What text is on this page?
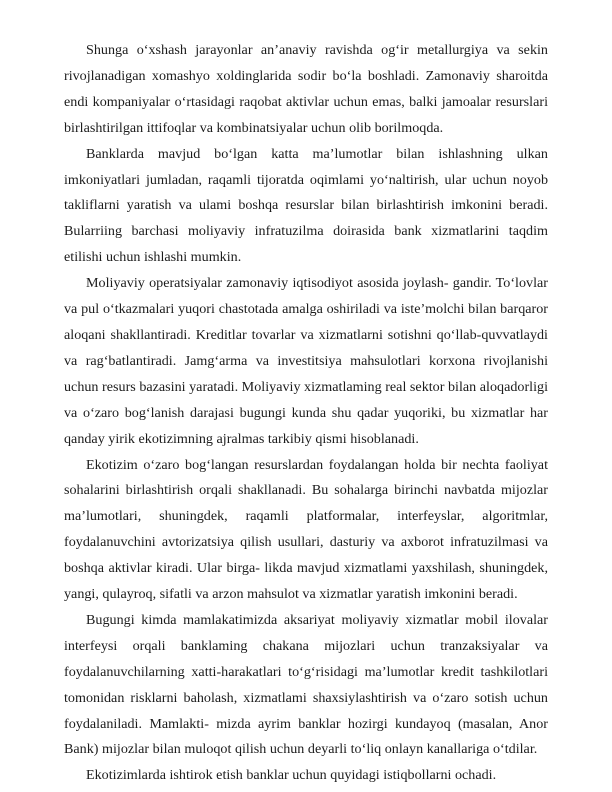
Shunga o‘xshash jarayonlar an’anaviy ravishda og‘ir metallurgiya va sekin rivojlanadigan xomashyo xoldinglarida sodir bo‘la boshladi. Zamonaviy sharoitda endi kompaniyalar o‘rtasidagi raqobat aktivlar uchun emas, balki jamoalar resurslari birlashtirilgan ittifoqlar va kombinatsiyalar uchun olib borilmoqda.

Banklarda mavjud bo‘lgan katta ma’lumotlar bilan ishlashning ulkan imkoniyatlari jumladan, raqamli tijoratda oqimlami yo‘naltirish, ular uchun noyob takliflarni yaratish va ulami boshqa resurslar bilan birlashtirish imkonini beradi. Bularriing barchasi moliyaviy infratuzilma doirasida bank xizmatlarini taqdim etilishi uchun ishlashi mumkin.

Moliyaviy operatsiyalar zamonaviy iqtisodiyot asosida joylash- gandir. To‘lovlar va pul o‘tkazmalari yuqori chastotada amalga oshiriladi va iste’molchi bilan barqaror aloqani shakllantiradi. Kreditlar tovarlar va xizmatlarni sotishni qo‘llab-quvvatlaydi va rag‘batlantiradi. Jamg‘arma va investitsiya mahsulotlari korxona rivojlanishi uchun resurs bazasini yaratadi. Moliyaviy xizmatlaming real sektor bilan aloqadorligi va o‘zaro bog‘lanish darajasi bugungi kunda shu qadar yuqoriki, bu xizmatlar har qanday yirik ekotizimning ajralmas tarkibiy qismi hisoblanadi.

Ekotizim o‘zaro bog‘langan resurslardan foydalangan holda bir nechta faoliyat sohalarini birlashtirish orqali shakllanadi. Bu sohalarga birinchi navbatda mijozlar ma’lumotlari, shuningdek, raqamli platformalar, interfeyslar, algoritmlar, foydalanuvchini avtorizatsiya qilish usullari, dasturiy va axborot infratuzilmasi va boshqa aktivlar kiradi. Ular birga- likda mavjud xizmatlami yaxshilash, shuningdek, yangi, qulayroq, sifatli va arzon mahsulot va xizmatlar yaratish imkonini beradi.

Bugungi kimda mamlakatimizda aksariyat moliyaviy xizmatlar mobil ilovalar interfeysi orqali banklaming chakana mijozlari uchun tranzaksiyalar va foydalanuvchilarning xatti-harakatlari to‘g‘risidagi ma’lumotlar kredit tashkilotlari tomonidan risklarni baholash, xizmatlami shaxsiylashtirish va o‘zaro sotish uchun foydalaniladi. Mamlakti- mizda ayrim banklar hozirgi kundayoq (masalan, Anor Bank) mijozlar bilan muloqot qilish uchun deyarli to‘liq onlayn kanallariga o‘tdilar.

Ekotizimlarda ishtirok etish banklar uchun quyidagi istiqbollarni ochadi.
